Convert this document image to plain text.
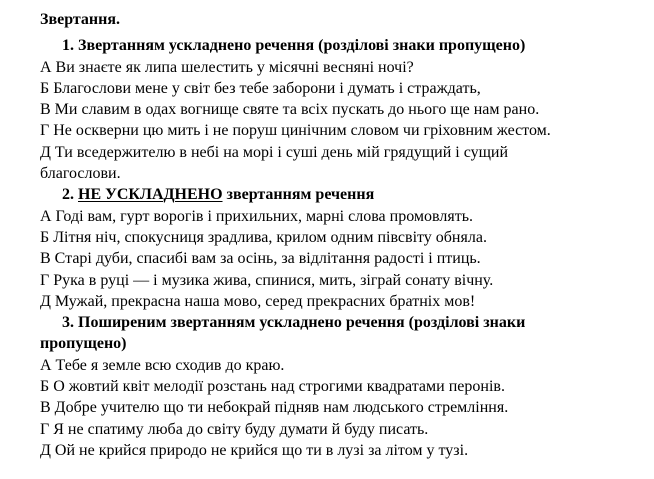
Звертання.
1. Звертанням ускладнено речення (розділові знаки пропущено)
А Ви знаєте як липа шелестить у місячні весняні ночі?
Б Благослови мене у світ без тебе заборони і думать і страждать,
В Ми славим в одах вогнище святе та всіх пускать до нього ще нам рано.
Г Не оскверни цю мить і не поруш цинічним словом чи гріховним жестом.
Д Ти вседержителю в небі на морі і суші день мій грядущий і сущий
благослови.
2. НЕ УСКЛАДНЕНО звертанням речення
А Годі вам, гурт ворогів і прихильних, марні слова промовлять.
Б Літня ніч, спокусниця зрадлива, крилом одним півсвіту обняла.
В Старі дуби, спасибі вам за осінь, за відлітання радості і птиць.
Г Рука в руці — і музика жива, спинися, мить, зіграй сонату вічну.
Д Мужай, прекрасна наша мово, серед прекрасних братніх мов!
3. Поширеним звертанням ускладнено речення (розділові знаки
пропущено)
А Тебе я земле всю сходив до краю.
Б О жовтий квіт мелодії розстань над строгими квадратами перонів.
В Добре учителю що ти небокрай підняв нам людського стремління.
Г Я не спатиму люба до світу буду думати й буду писать.
Д Ой не крийся природо не крийся що ти в лузі за літом у тузі.
